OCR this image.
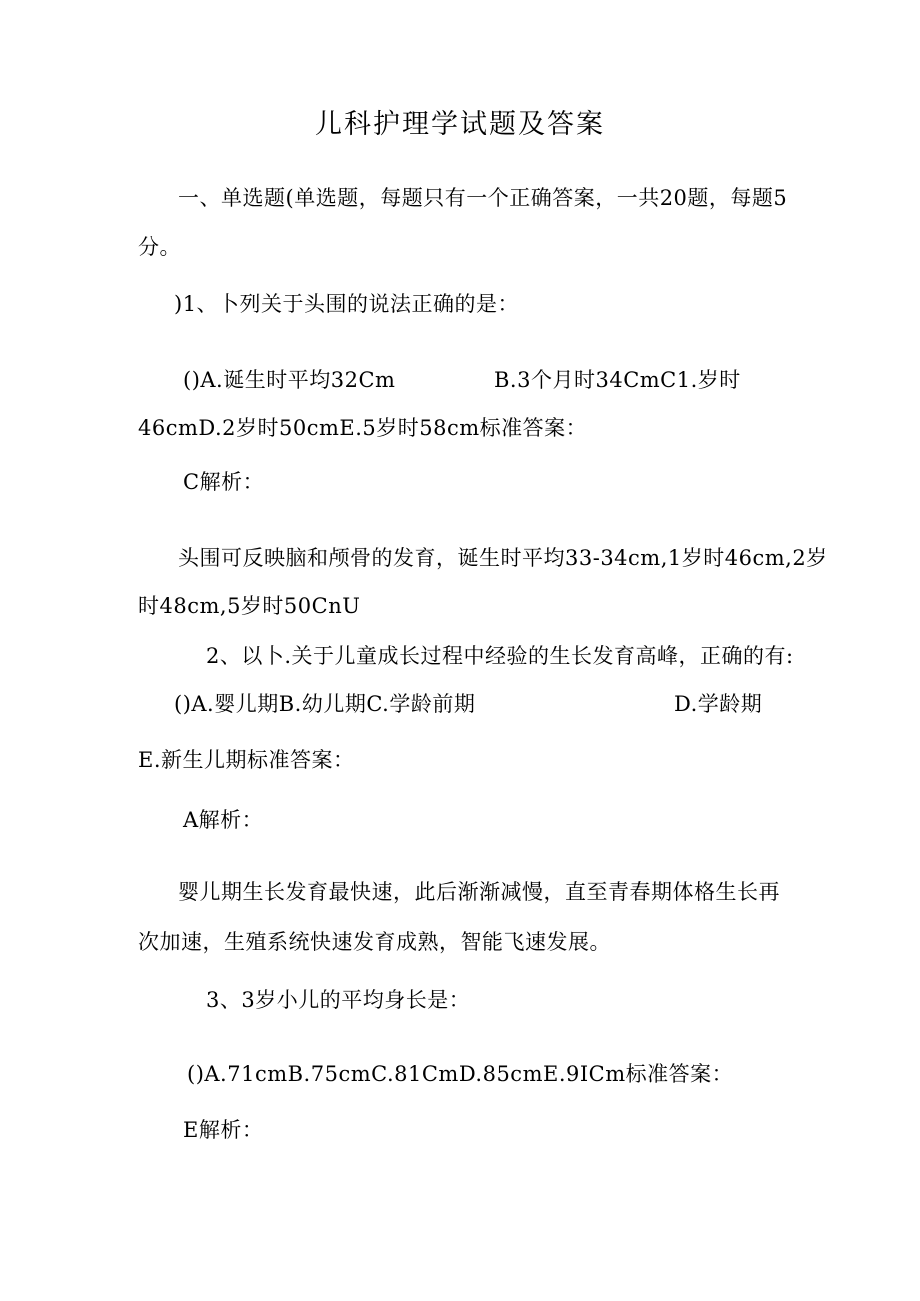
儿科护理学试题及答案
一、单选题(单选题，每题只有一个正确答案，一共20题，每题5
分。
)1、卜列关于头围的说法正确的是：
()A.诞生时平均32Cm	B.3个月时34CmC1.岁时
46cmD.2岁时50cmE.5岁时58cm标准答案：
C解析：
头围可反映脑和颅骨的发育，诞生时平均33-34cm,1岁时46cm,2岁
时48cm,5岁时50CnU
2、以卜.关于儿童成长过程中经验的生长发育高峰，正确的有:
()A.婴儿期B.幼儿期C.学龄前期	D.学龄期
E.新生儿期标准答案：
A解析：
婴儿期生长发育最快速，此后渐渐减慢，直至青春期体格生长再
次加速，生殖系统快速发育成熟，智能飞速发展。
3、3岁小儿的平均身长是：
()A.71cmB.75cmC.81CmD.85cmE.9ICm标准答案：
E解析：
